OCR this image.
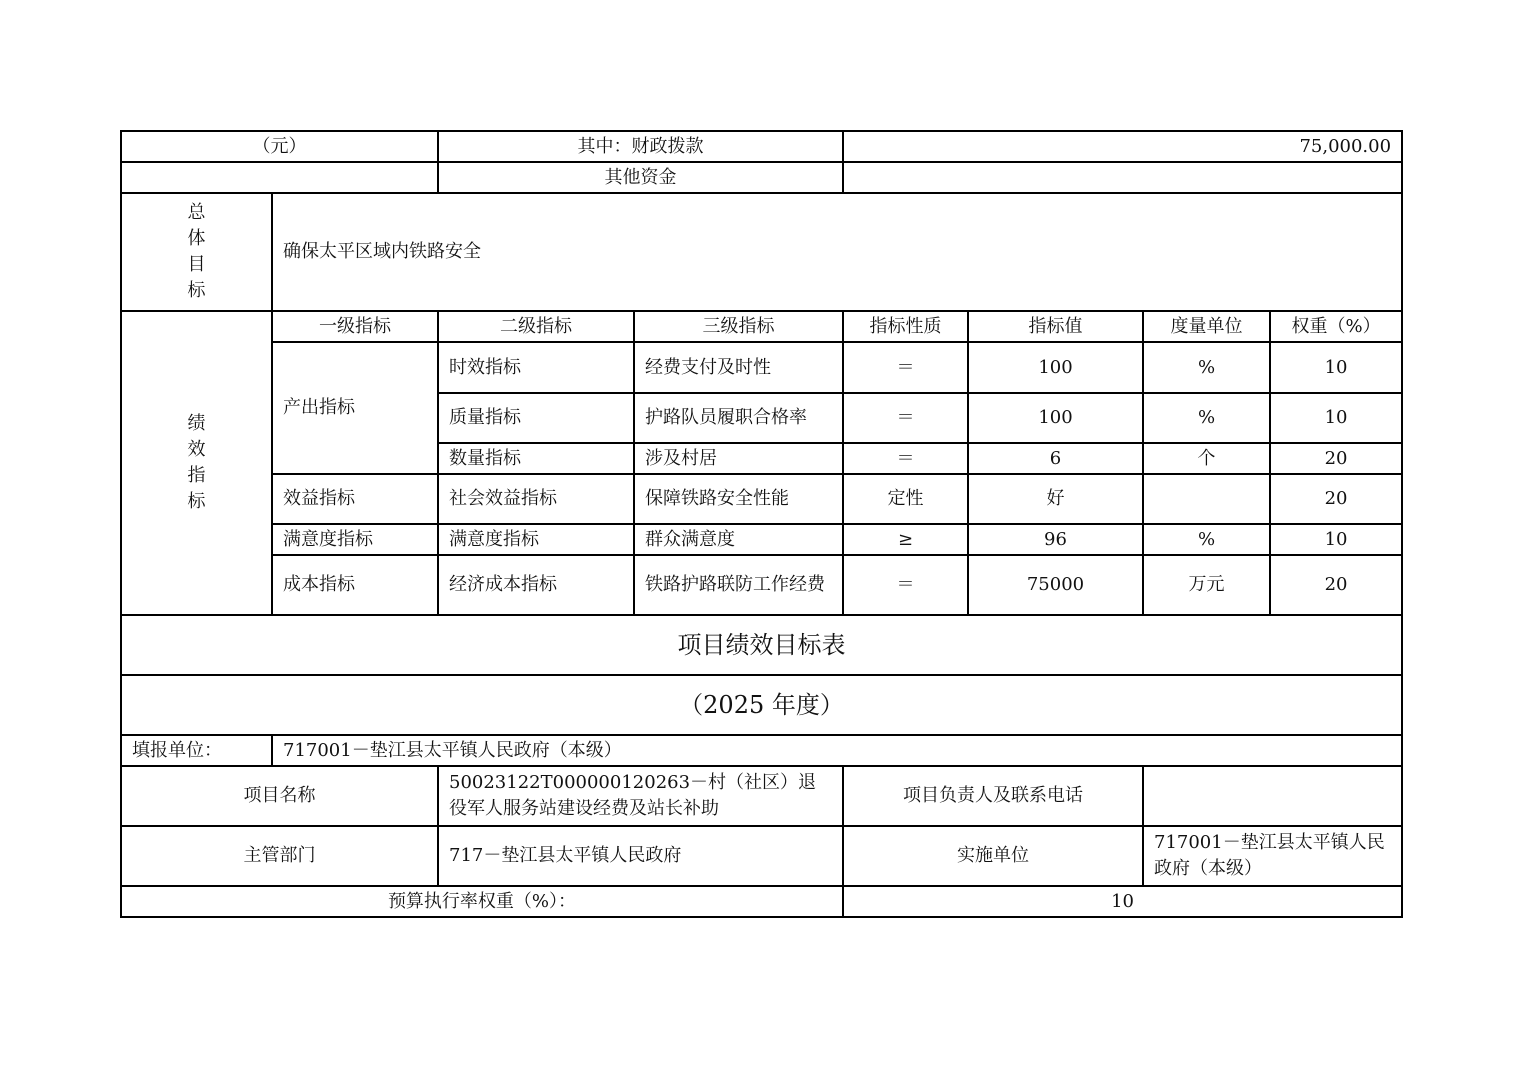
（元）		其中：财政拨款		75,000.00			
		其他资金					

总
体
目
标	确保太平区域内铁路安全						

绩
效
指
标	一级指标	二级指标	三级指标	指标性质	指标值	度量单位	权重（%）
	产出指标	时效指标	经费支付及时性	＝	100	%	10
		质量指标	护路队员履职合格率	＝	100	%	10
		数量指标	涉及村居	＝	6	个	20
	效益指标	社会效益指标	保障铁路安全性能	定性	好		20
	满意度指标	满意度指标	群众满意度	≥	96	%	10
	成本指标	经济成本指标	铁路护路联防工作经费	＝	75000	万元	20
项目绩效目标表							
（2025 年度）							
填报单位：	717001－垫江县太平镇人民政府（本级）						
项目名称		50023122T000000120263－村（社区）退役军人服务站建设经费及站长补助		项目负责人及联系电话			
主管部门		717－垫江县太平镇人民政府		实施单位		717001－垫江县太平镇人民政府（本级）	
预算执行率权重（%）：				10			
